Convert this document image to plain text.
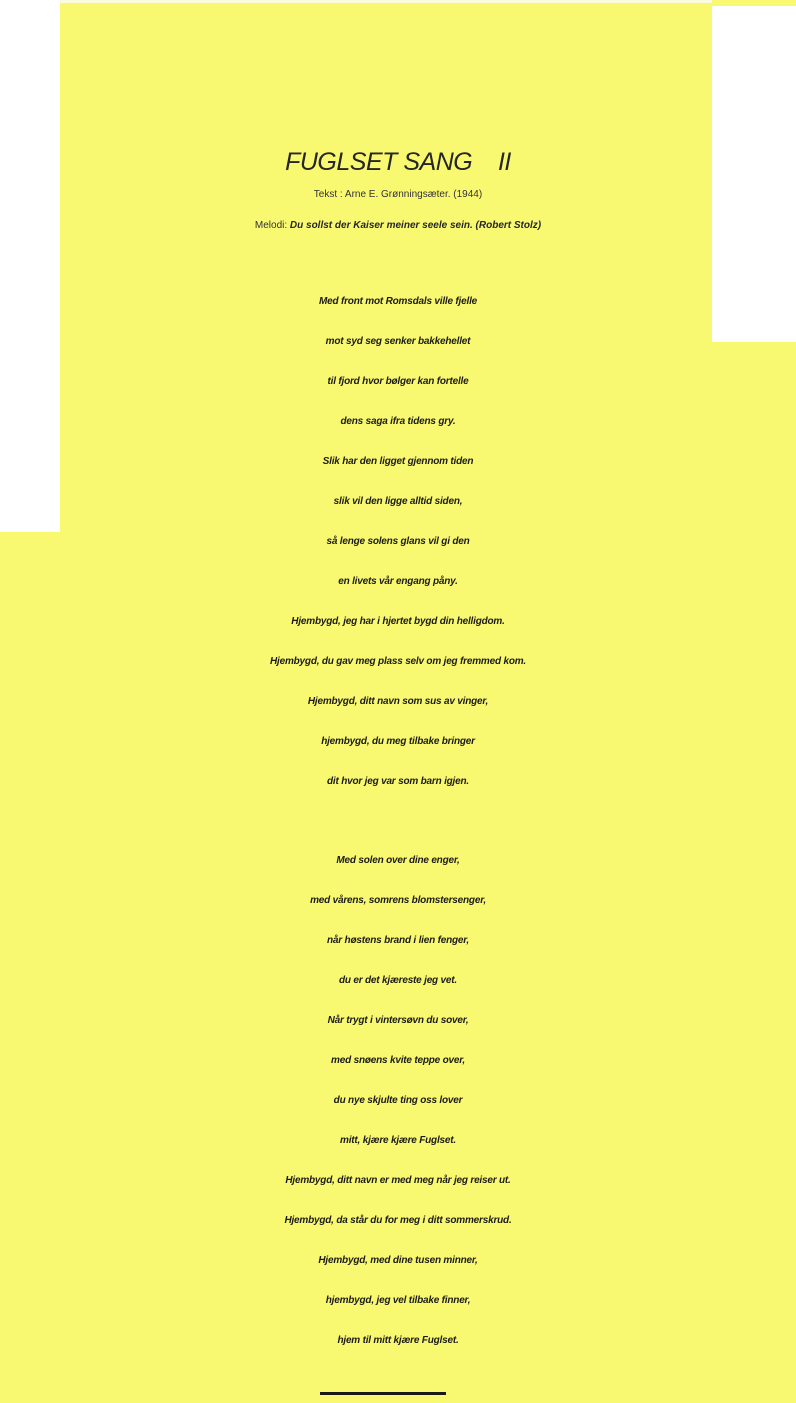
FUGLSET SANG    II
Tekst : Arne E. Grønningsæter. (1944)
Melodi: Du sollst der Kaiser meiner seele sein. (Robert Stolz)
Med front mot Romsdals ville fjelle
mot syd seg senker bakkehellet
til fjord hvor bølger kan fortelle
dens saga ifra tidens gry.
Slik har den ligget gjennom tiden
slik vil den ligge alltid siden,
så lenge solens glans vil gi den
en livets vår engang påny.
Hjembygd, jeg har i hjertet bygd din helligdom.
Hjembygd, du gav meg plass selv om jeg fremmed kom.
Hjembygd, ditt navn som sus av vinger,
hjembygd, du meg tilbake bringer
dit hvor jeg var som barn igjen.
Med solen over dine enger,
med vårens, somrens blomstersenger,
når høstens brand i lien fenger,
du er det kjæreste jeg vet.
Når trygt i vintersøvn du sover,
med snøens kvite teppe over,
du nye skjulte ting oss lover
mitt, kjære kjære Fuglset.
Hjembygd, ditt navn er med meg når jeg reiser ut.
Hjembygd, da står du for meg i ditt sommerskrud.
Hjembygd, med dine tusen minner,
hjembygd, jeg vel tilbake finner,
hjem til mitt kjære Fuglset.
